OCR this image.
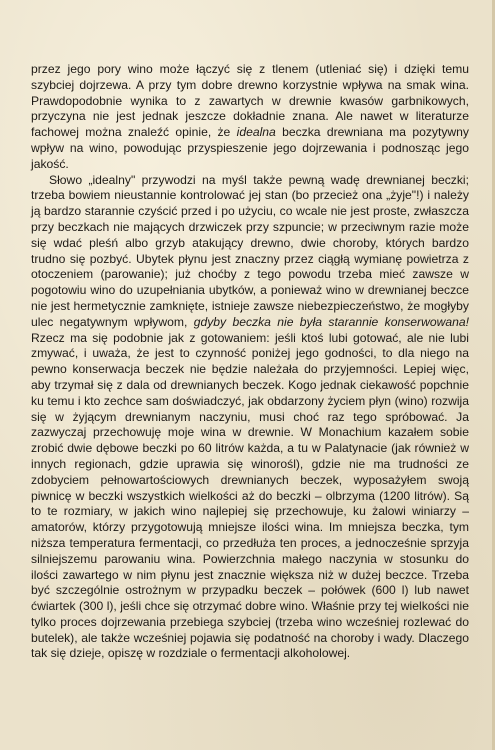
przez jego pory wino może łączyć się z tlenem (utleniać się) i dzięki temu szybciej dojrzewa. A przy tym dobre drewno korzystnie wpływa na smak wina. Prawdopodobnie wynika to z zawartych w drewnie kwasów garbnikowych, przyczyna nie jest jednak jeszcze dokładnie znana. Ale nawet w literaturze fachowej można znaleźć opinie, że idealna beczka drewniana ma pozytywny wpływ na wino, powodując przyspieszenie jego dojrzewania i podnosząc jego jakość.

Słowo „idealny" przywodzi na myśl także pewną wadę drewnianej beczki; trzeba bowiem nieustannie kontrolować jej stan (bo przecież ona „żyje"!) i należy ją bardzo starannie czyścić przed i po użyciu, co wcale nie jest proste, zwłaszcza przy beczkach nie mających drzwiczek przy szpuncie; w przeciwnym razie może się wdać pleśń albo grzyb atakujący drewno, dwie choroby, których bardzo trudno się pozbyć. Ubytek płynu jest znaczny przez ciągłą wymianę powietrza z otoczeniem (parowanie); już choćby z tego powodu trzeba mieć zawsze w pogotowiu wino do uzupełniania ubytków, a ponieważ wino w drewnianej beczce nie jest hermetycznie zamknięte, istnieje zawsze niebezpieczeństwo, że mogłyby ulec negatywnym wpływom, gdyby beczka nie była starannie konserwowana! Rzecz ma się podobnie jak z gotowaniem: jeśli ktoś lubi gotować, ale nie lubi zmywać, i uważa, że jest to czynność poniżej jego godności, to dla niego na pewno konserwacja beczek nie będzie należała do przyjemności. Lepiej więc, aby trzymał się z dala od drewnianych beczek. Kogo jednak ciekawość popchnie ku temu i kto zechce sam doświadczyć, jak obdarzony życiem płyn (wino) rozwija się w żyjącym drewnianym naczyniu, musi choć raz tego spróbować. Ja zazwyczaj przechowuję moje wina w drewnie. W Monachium kazałem sobie zrobić dwie dębowe beczki po 60 litrów każda, a tu w Palatynacie (jak również w innych regionach, gdzie uprawia się winorośl), gdzie nie ma trudności ze zdobyciem pełnowartościowych drewnianych beczek, wyposażyłem swoją piwnicę w beczki wszystkich wielkości aż do beczki – olbrzyma (1200 litrów). Są to te rozmiary, w jakich wino najlepiej się przechowuje, ku żalowi winiarzy – amatorów, którzy przygotowują mniejsze ilości wina. Im mniejsza beczka, tym niższa temperatura fermentacji, co przedłuża ten proces, a jednocześnie sprzyja silniejszemu parowaniu wina. Powierzchnia małego naczynia w stosunku do ilości zawartego w nim płynu jest znacznie większa niż w dużej beczce. Trzeba być szczególnie ostrożnym w przypadku beczek – połówek (600 l) lub nawet ćwiartek (300 l), jeśli chce się otrzymać dobre wino. Właśnie przy tej wielkości nie tylko proces dojrzewania przebiega szybciej (trzeba wino wcześniej rozlewać do butelek), ale także wcześniej pojawia się podatność na choroby i wady. Dlaczego tak się dzieje, opiszę w rozdziale o fermentacji alkoholowej.
